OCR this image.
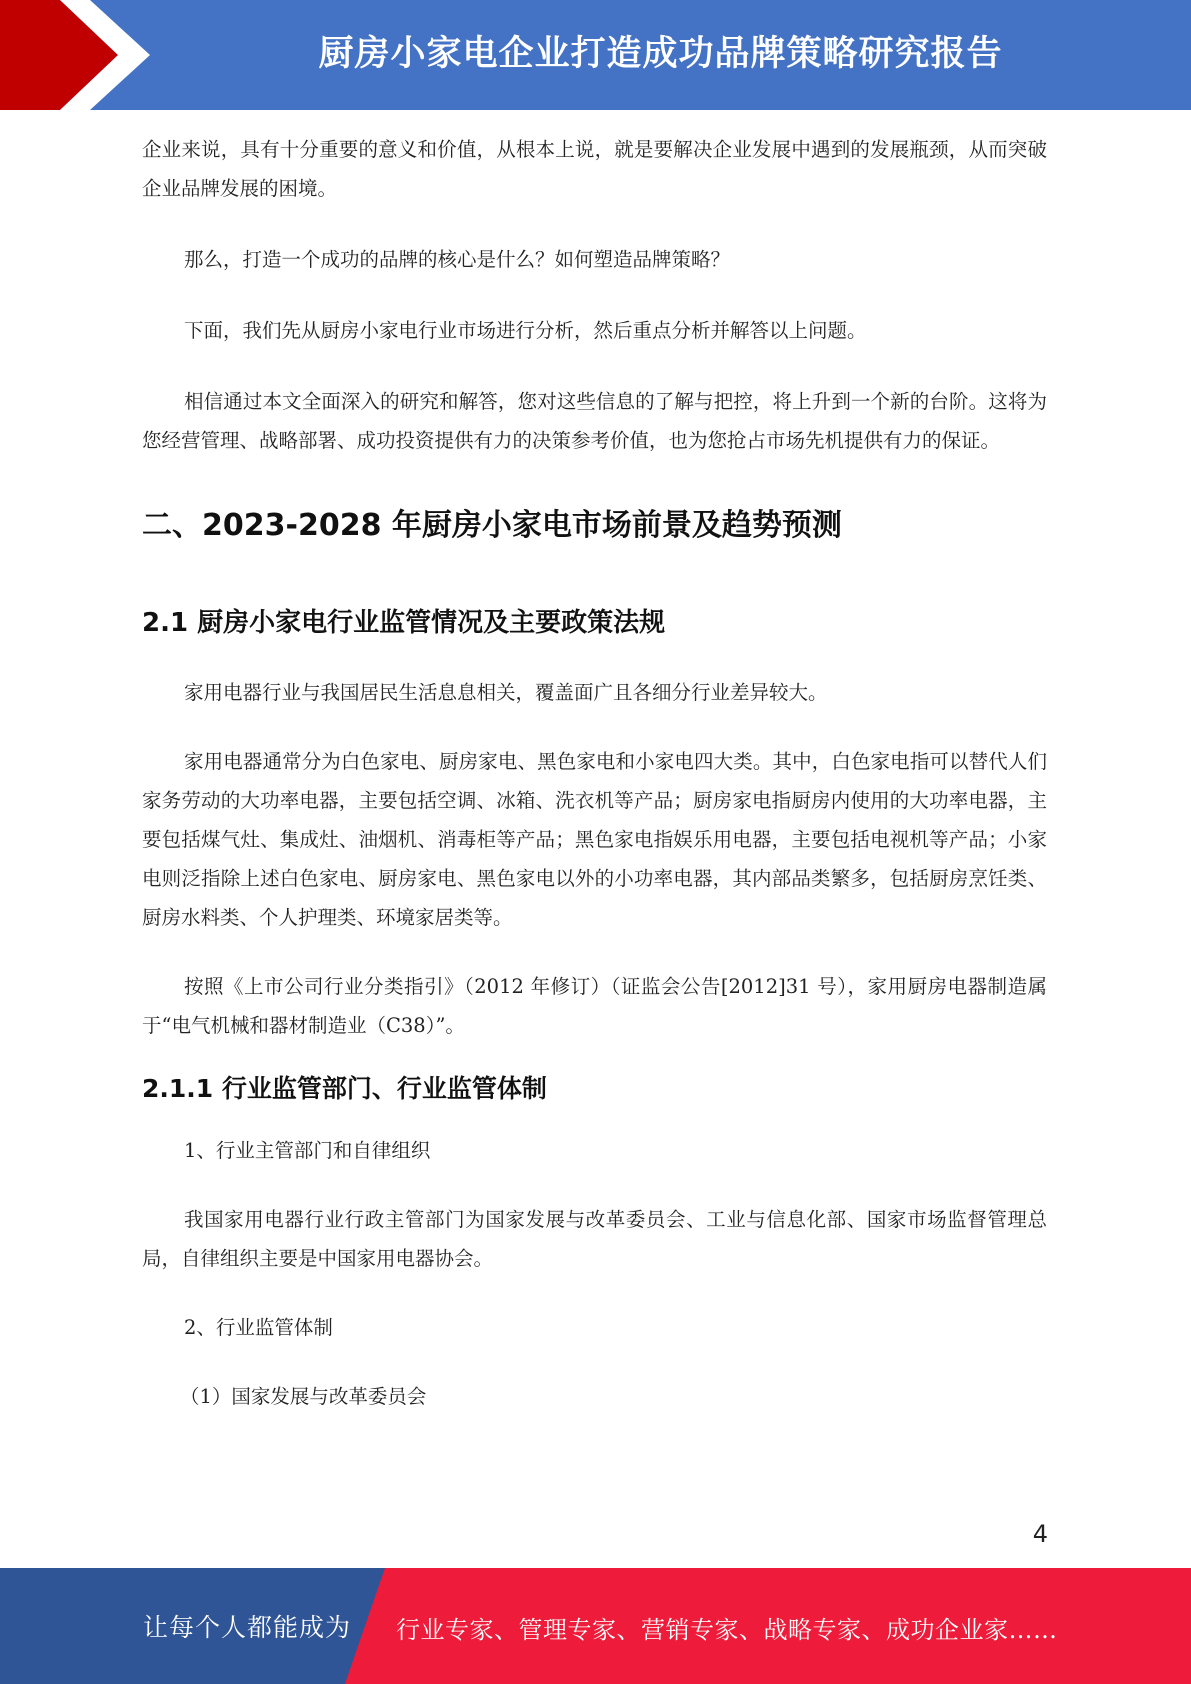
厨房小家电企业打造成功品牌策略研究报告

企业来说，具有十分重要的意义和价值，从根本上说，就是要解决企业发展中遇到的发展瓶颈，从而突破企业品牌发展的困境。

那么，打造一个成功的品牌的核心是什么？如何塑造品牌策略？

下面，我们先从厨房小家电行业市场进行分析，然后重点分析并解答以上问题。

相信通过本文全面深入的研究和解答，您对这些信息的了解与把控，将上升到一个新的台阶。这将为您经营管理、战略部署、成功投资提供有力的决策参考价值，也为您抢占市场先机提供有力的保证。

二、2023-2028 年厨房小家电市场前景及趋势预测
2.1 厨房小家电行业监管情况及主要政策法规

家用电器行业与我国居民生活息息相关，覆盖面广且各细分行业差异较大。

家用电器通常分为白色家电、厨房家电、黑色家电和小家电四大类。其中，白色家电指可以替代人们家务劳动的大功率电器，主要包括空调、冰箱、洗衣机等产品；厨房家电指厨房内使用的大功率电器，主要包括煤气灶、集成灶、油烟机、消毒柜等产品；黑色家电指娱乐用电器，主要包括电视机等产品；小家电则泛指除上述白色家电、厨房家电、黑色家电以外的小功率电器，其内部品类繁多，包括厨房烹饪类、厨房水料类、个人护理类、环境家居类等。

按照《上市公司行业分类指引》（2012 年修订）（证监会公告[2012]31 号），家用厨房电器制造属于“电气机械和器材制造业（C38）”。

2.1.1 行业监管部门、行业监管体制

1、行业主管部门和自律组织

我国家用电器行业行政主管部门为国家发展与改革委员会、工业与信息化部、国家市场监督管理总局，自律组织主要是中国家用电器协会。

2、行业监管体制

（1）国家发展与改革委员会

4
让每个人都能成为 行业专家、管理专家、营销专家、战略专家、成功企业家……
